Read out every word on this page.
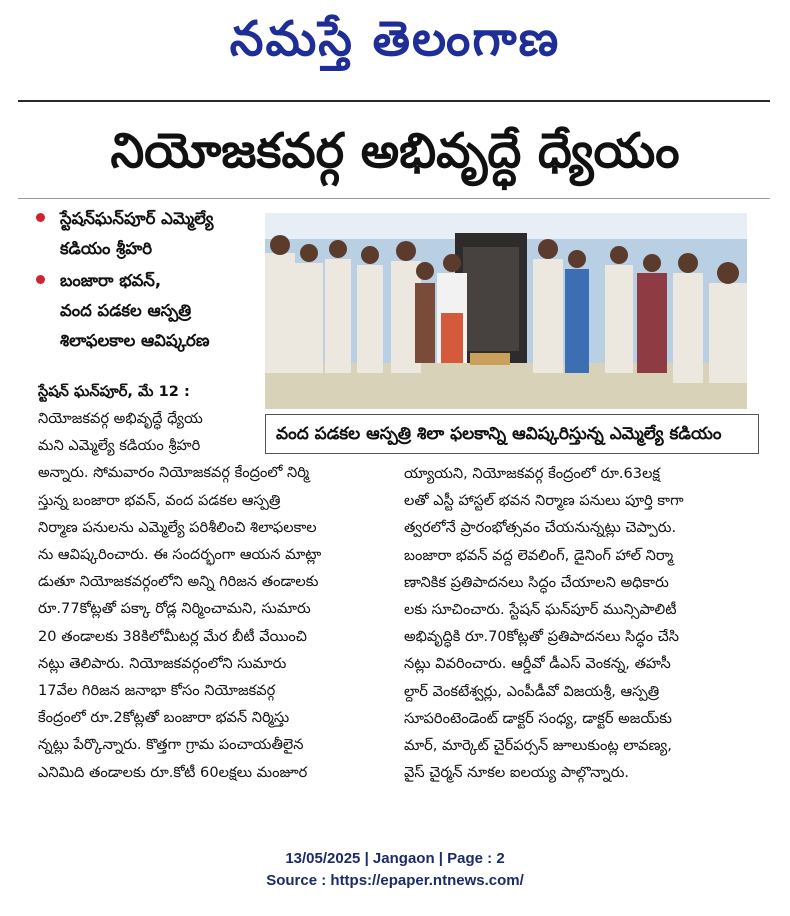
నమస్తే తెలంగాణ
నియోజకవర్గ అభివృద్ధే ధ్యేయం
స్టేషన్‌ఘన్‌పూర్ ఎమ్మెల్యే
కడియం శ్రీహరి
బంజారా భవన్,
వంద పడకల ఆస్పత్రి
శిలాఫలకాల ఆవిష్కరణ
వంద పడకల ఆస్పత్రి శిలా ఫలకాన్ని ఆవిష్కరిస్తున్న ఎమ్మెల్యే కడియం
స్టేషన్ ఘన్‌పూర్, మే 12 :
నియోజకవర్గ అభివృద్ధే ధ్యేయ
మని ఎమ్మెల్యే కడియం శ్రీహరి
అన్నారు. సోమవారం నియోజకవర్గ కేంద్రంలో నిర్మి
స్తున్న బంజారా భవన్, వంద పడకల ఆస్పత్రి
నిర్మాణ పనులను ఎమ్మెల్యే పరిశీలించి శిలాఫలకాల
ను ఆవిష్కరించారు. ఈ సందర్భంగా ఆయన మాట్లా
డుతూ నియోజకవర్గంలోని అన్ని గిరిజన తండాలకు
రూ.77కోట్లతో పక్కా రోడ్ల నిర్మించామని, సుమారు
20 తండాలకు 38కిలోమీటర్ల మేర బీటీ వేయించి
నట్లు తెలిపారు. నియోజకవర్గంలోని సుమారు
17వేల గిరిజన జనాభా కోసం నియోజకవర్గ
కేంద్రంలో రూ.2కోట్లతో బంజారా భవన్ నిర్మిస్తు
న్నట్లు పేర్కొన్నారు. కొత్తగా గ్రామ పంచాయతీలైన
ఎనిమిది తండాలకు రూ.కోటీ 60లక్షలు మంజూర
య్యాయని, నియోజకవర్గ కేంద్రంలో రూ.63లక్ష
లతో ఎస్టీ హాస్టల్ భవన నిర్మాణ పనులు పూర్తి కాగా
త్వరలోనే ప్రారంభోత్సవం చేయనున్నట్లు చెప్పారు.
బంజారా భవన్ వద్ద లెవలింగ్, డైనింగ్ హాల్ నిర్మా
ణానికిక ప్రతిపాదనలు సిద్ధం చేయాలని అధికారు
లకు సూచించారు. స్టేషన్ ఘన్‌పూర్ మున్సిపాలిటీ
అభివృద్ధికి రూ.70కోట్లతో ప్రతిపాదనలు సిద్ధం చేసి
నట్లు వివరించారు. ఆర్డీవో డీఎస్ వెంకన్న, తహసీ
ల్దార్ వెంకటేశ్వర్లు, ఎంపీడీవో విజయశ్రీ, ఆస్పత్రి
సూపరింటెండెంట్ డాక్టర్ సంధ్య, డాక్టర్ అజయ్‌కు
మార్, మార్కెట్ చైర్‌పర్సన్ జూలుకుంట్ల లావణ్య,
వైస్ చైర్మన్ నూకల ఐలయ్య పాల్గొన్నారు.
13/05/2025 | Jangaon | Page : 2
Source : https://epaper.ntnews.com/
